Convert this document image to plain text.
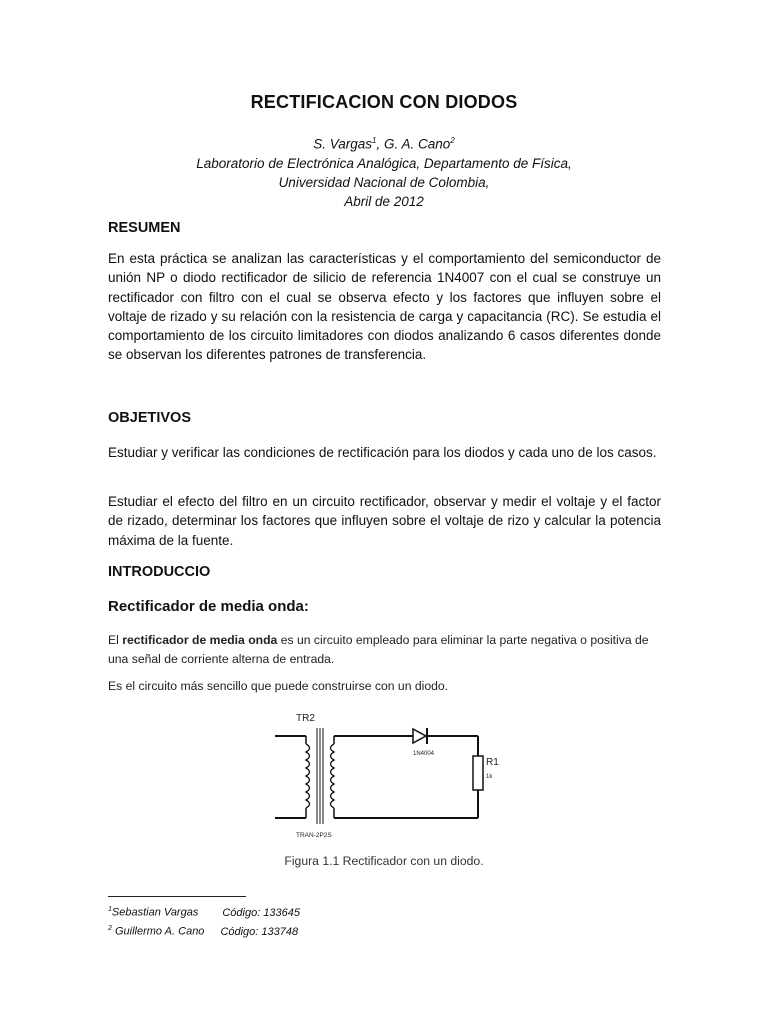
RECTIFICACION CON DIODOS
S. Vargas$^1$, G. A. Cano$^2$
Laboratorio de Electrónica Analógica, Departamento de Física,
Universidad Nacional de Colombia,
Abril de 2012
RESUMEN
En esta práctica se analizan las características y el comportamiento del semiconductor de unión NP o diodo rectificador de silicio de referencia 1N4007 con el cual se construye un rectificador con filtro con el cual se observa efecto y los factores que influyen sobre el voltaje de rizado y su relación con la resistencia de carga y capacitancia (RC). Se estudia el comportamiento de los circuito limitadores con diodos analizando 6 casos diferentes donde se observan los diferentes patrones de transferencia.
OBJETIVOS
Estudiar y verificar las condiciones de rectificación para los diodos y cada uno de los casos.
Estudiar el efecto del filtro en un circuito rectificador, observar y medir el voltaje y el factor de rizado, determinar los factores que influyen sobre el voltaje de rizo y calcular la potencia máxima de la fuente.
INTRODUCCIO
Rectificador de media onda:
El rectificador de media onda es un circuito empleado para eliminar la parte negativa o positiva de una señal de corriente alterna de entrada.
Es el circuito más sencillo que puede construirse con un diodo.
TR2
1N4004
R1
1k
TRAN-2P2S
Figura 1.1 Rectificador con un diodo.
$^1$Sebastian Vargas Código: 133645
$^2$ Guillermo A. Cano Código: 133748
